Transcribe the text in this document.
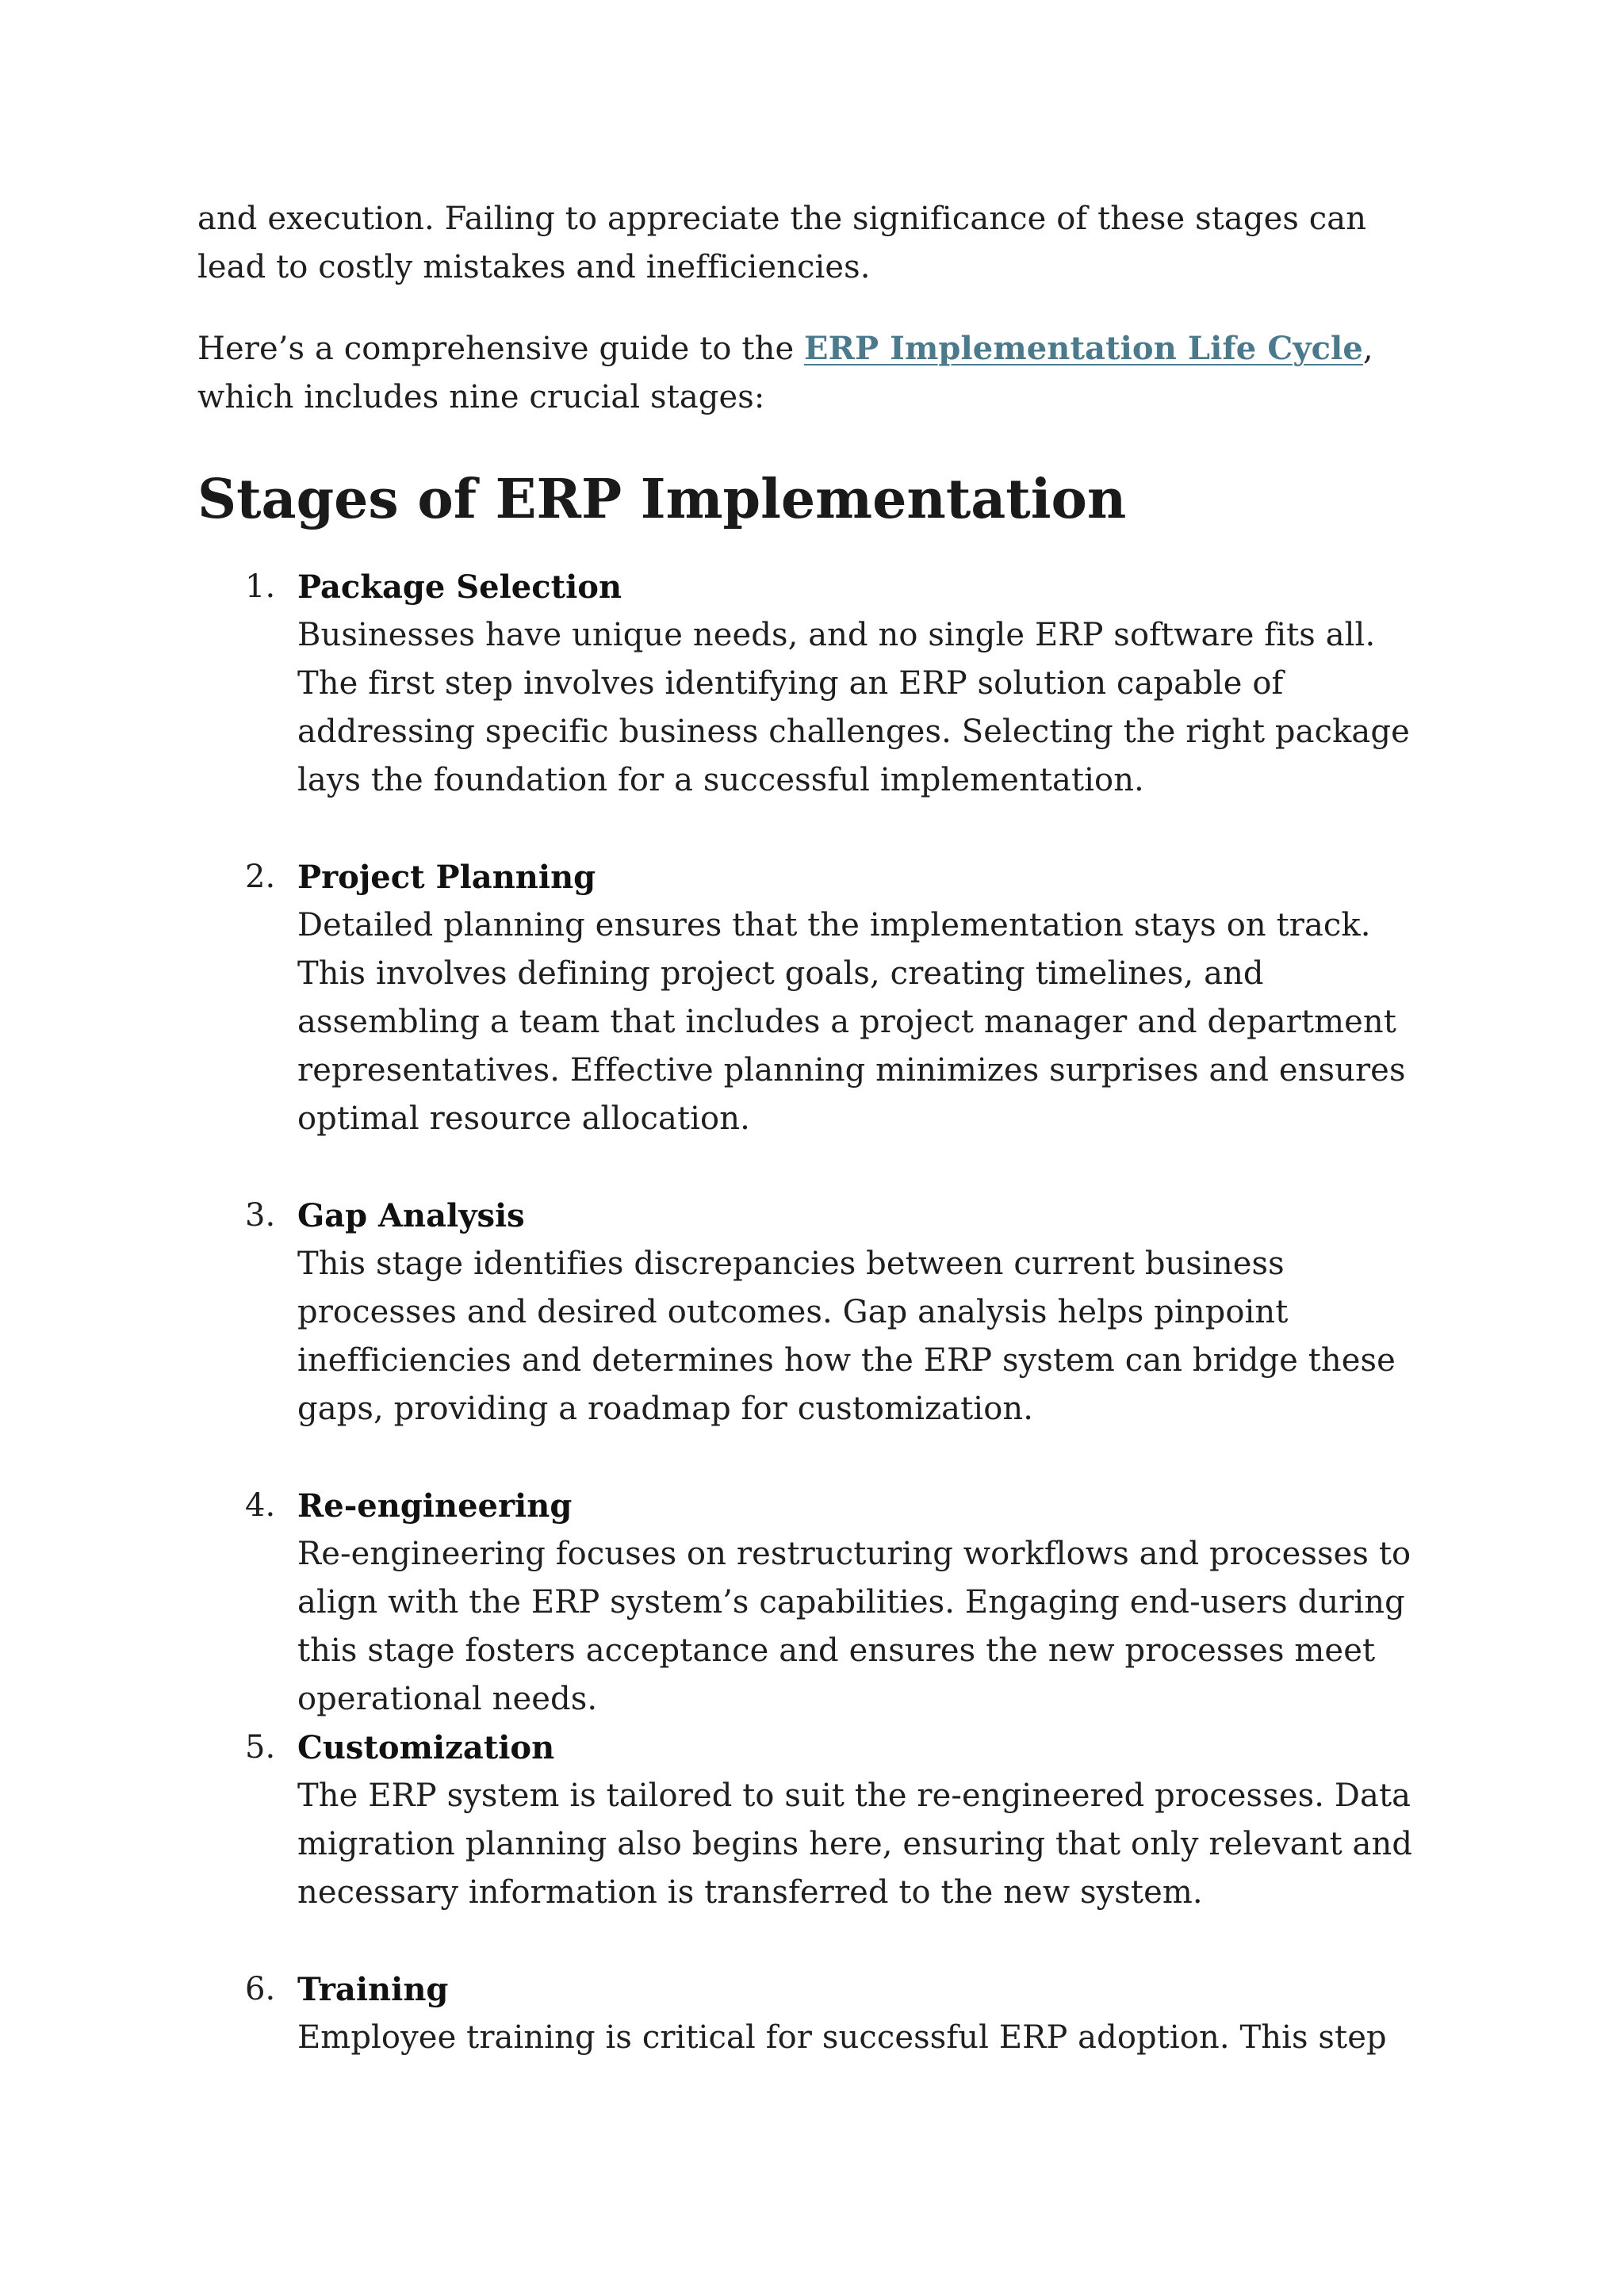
and execution. Failing to appreciate the significance of these stages can lead to costly mistakes and inefficiencies.

Here’s a comprehensive guide to the ERP Implementation Life Cycle, which includes nine crucial stages:

Stages of ERP Implementation
1. Package Selection
Businesses have unique needs, and no single ERP software fits all. The first step involves identifying an ERP solution capable of addressing specific business challenges. Selecting the right package lays the foundation for a successful implementation.
2. Project Planning
Detailed planning ensures that the implementation stays on track. This involves defining project goals, creating timelines, and assembling a team that includes a project manager and department representatives. Effective planning minimizes surprises and ensures optimal resource allocation.
3. Gap Analysis
This stage identifies discrepancies between current business processes and desired outcomes. Gap analysis helps pinpoint inefficiencies and determines how the ERP system can bridge these gaps, providing a roadmap for customization.
4. Re-engineering
Re-engineering focuses on restructuring workflows and processes to align with the ERP system’s capabilities. Engaging end-users during this stage fosters acceptance and ensures the new processes meet operational needs.
5. Customization
The ERP system is tailored to suit the re-engineered processes. Data migration planning also begins here, ensuring that only relevant and necessary information is transferred to the new system.
6. Training
Employee training is critical for successful ERP adoption. This step
